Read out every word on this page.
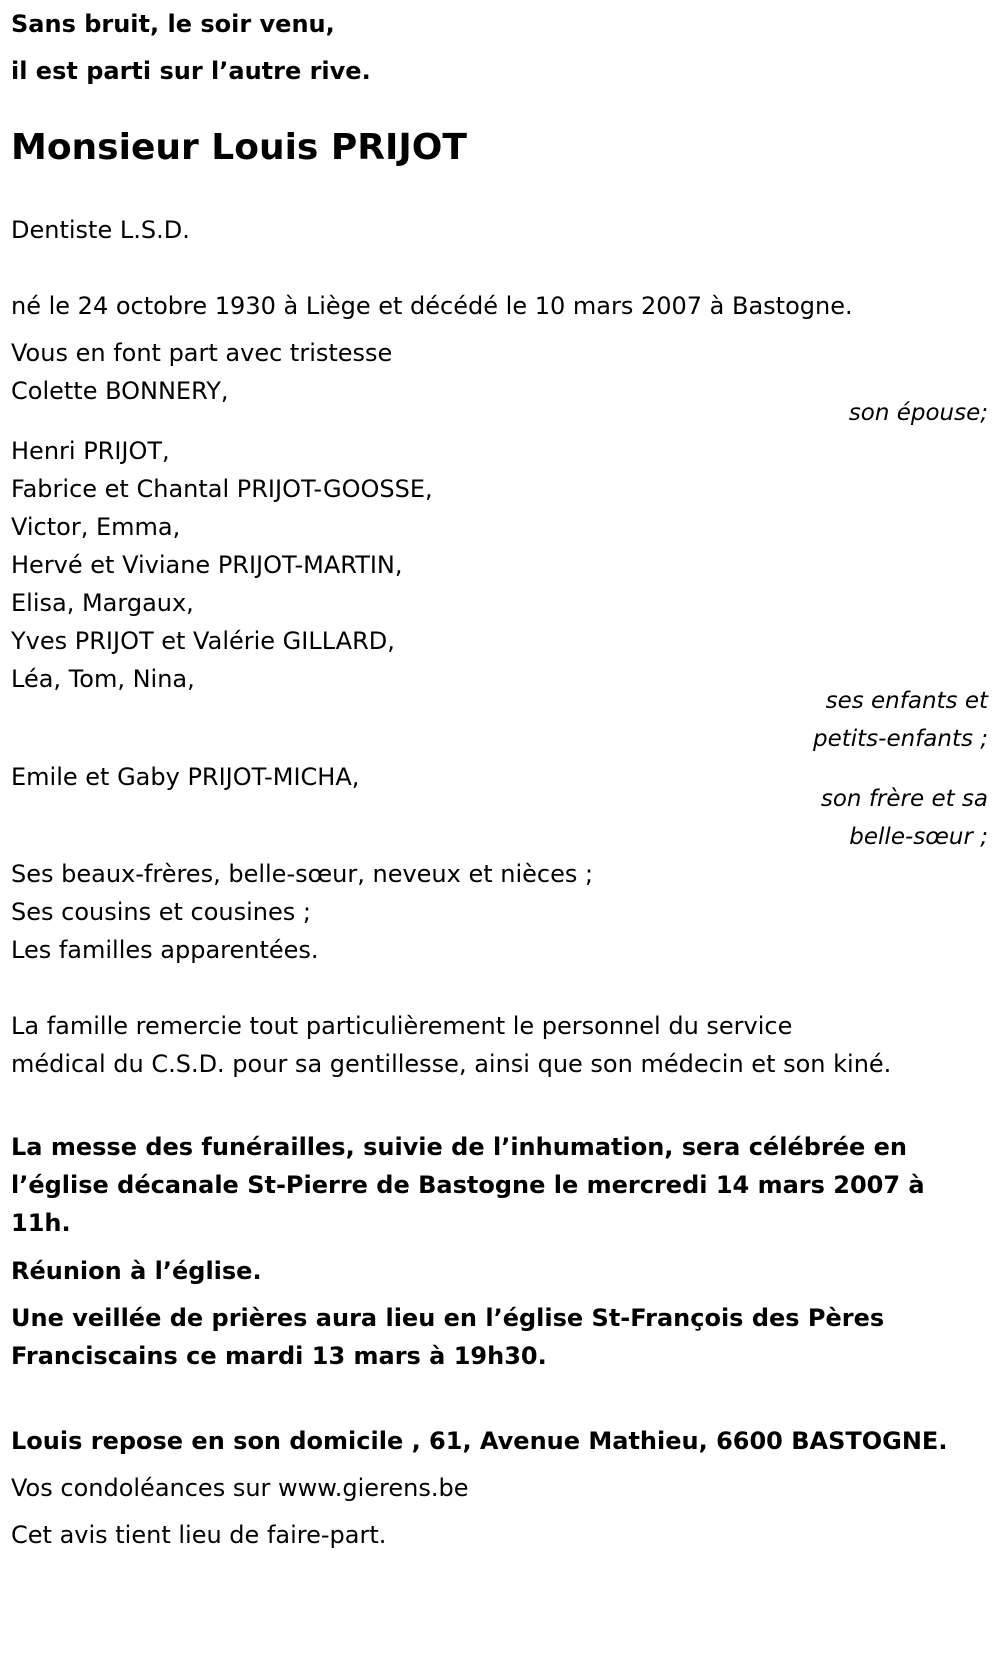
Sans bruit, le soir venu,
il est parti sur l’autre rive.
Monsieur Louis PRIJOT
Dentiste L.S.D.
né le 24 octobre 1930 à Liège et décédé le 10 mars 2007 à Bastogne.
Vous en font part avec tristesse
Colette BONNERY,
son épouse;
Henri PRIJOT,
Fabrice et Chantal PRIJOT-GOOSSE,
Victor, Emma,
Hervé et Viviane PRIJOT-MARTIN,
Elisa, Margaux,
Yves PRIJOT et Valérie GILLARD,
Léa, Tom, Nina,
ses enfants et
petits-enfants ;
Emile et Gaby PRIJOT-MICHA,
son frère et sa
belle-sœur ;
Ses beaux-frères, belle-sœur, neveux et nièces ;
Ses cousins et cousines ;
Les familles apparentées.
La famille remercie tout particulièrement le personnel du service
médical du C.S.D. pour sa gentillesse, ainsi que son médecin et son kiné.
La messe des funérailles, suivie de l’inhumation, sera célébrée en
l’église décanale St-Pierre de Bastogne le mercredi 14 mars 2007 à
11h.
Réunion à l’église.
Une veillée de prières aura lieu en l’église St-François des Pères
Franciscains ce mardi 13 mars à 19h30.
Louis repose en son domicile , 61, Avenue Mathieu, 6600 BASTOGNE.
Vos condoléances sur www.gierens.be
Cet avis tient lieu de faire-part.
